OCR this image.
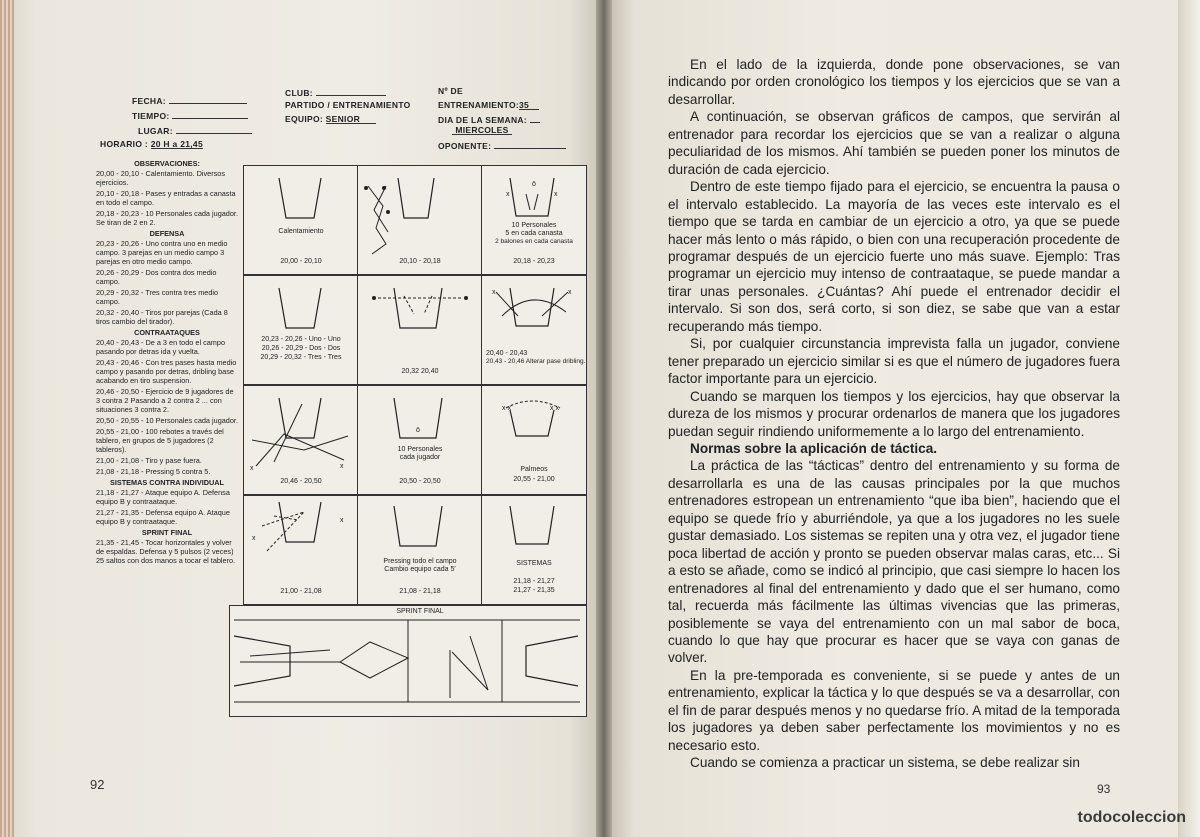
FECHA:
TIEMPO:
LUGAR:
HORARIO : 20 H a 21,45
CLUB:
PARTIDO / ENTRENAMIENTO
EQUIPO: SENIOR
Nº DE
ENTRENAMIENTO:35
DIA DE LA SEMANA:
MIERCOLES
OPONENTE:
OBSERVACIONES:
20,00 - 20,10 - Calentamiento. Diversos ejercicios.
20,10 - 20,18 - Pases y entradas a canasta en todo el campo.
20,18 - 20,23 - 10 Personales cada jugador. Se tiran de 2 en 2.
DEFENSA
20,23 - 20,26 - Uno contra uno en medio campo. 3 parejas en un medio campo 3 parejas en otro medio campo.
20,26 - 20,29 - Dos contra dos medio campo.
20,29 - 20,32 - Tres contra tres medio campo.
20,32 - 20,40 - Tiros por parejas (Cada 8 tiros cambio del tirador).
CONTRAATAQUES
20,40 - 20,43 - De a 3 en todo el campo pasando por detras ida y vuelta.
20,43 - 20,46 - Con tres pases hasta medio campo y pasando por detras, dribling base acabando en tiro suspension.
20,46 - 20,50 - Ejercicio de 9 jugadores de 3 contra 2 Pasando a 2 contra 2 ... con situaciones 3 contra 2.
20,50 - 20,55 - 10 Personales cada jugador.
20,55 - 21,00 - 100 rebotes a través del tablero, en grupos de 5 jugadores (2 tableros).
21,00 - 21,08 - Tiro y pase fuera.
21,08 - 21,18 - Pressing 5 contra 5.
SISTEMAS CONTRA INDIVIDUAL
21,18 - 21,27 - Ataque equipo A. Defensa equipo B y contraataque.
21,27 - 21,35 - Defensa equipo A. Ataque equipo B y contraataque.
SPRINT FINAL
21,35 - 21,45 - Tocar horizontales y volver de espaldas. Defensa y 5 pulsos (2 veces) 25 saltos con dos manos a tocar el tablero.
Calentamiento
20,00 - 20,10	20,10 - 20,18
ō
x	x
10 Personales
5 en cada canasta
2 balones en cada canasta
20,18 - 20,23
20,23 - 20,26 - Uno - Uno
20,26 - 20,29 - Dos - Dos
20,29 - 20,32 - Tres - Tres
20,32 20,40
x	x
20,40 - 20,43
20,43 - 20,46 Alterar pase dribling.
x	x
20,46 - 20,50
ō
10 Personales
cada jugador
20,50 - 20,50
x x	x x
Palmeos
20,55 - 21,00
x
x
21,00 - 21,08
Pressing todo el campo
Cambio equipo cada 5'
21,08 - 21,18
SISTEMAS
21,18 - 21,27
21,27 - 21,35
SPRINT FINAL
92

En el lado de la izquierda, donde pone observaciones, se van indicando por orden cronológico los tiempos y los ejercicios que se van a desarrollar.

A continuación, se observan gráficos de campos, que servirán al entrenador para recordar los ejercicios que se van a realizar o alguna peculiaridad de los mismos. Ahí también se pueden poner los minutos de duración de cada ejercicio.

Dentro de este tiempo fijado para el ejercicio, se encuentra la pausa o el intervalo establecido. La mayoría de las veces este intervalo es el tiempo que se tarda en cambiar de un ejercicio a otro, ya que se puede hacer más lento o más rápido, o bien con una recuperación procedente de programar después de un ejercicio fuerte uno más suave. Ejemplo: Tras programar un ejercicio muy intenso de contraataque, se puede mandar a tirar unas personales. ¿Cuántas? Ahí puede el entrenador decidir el intervalo. Si son dos, será corto, si son diez, se sabe que van a estar recuperando más tiempo.

Si, por cualquier circunstancia imprevista falla un jugador, conviene tener preparado un ejercicio similar si es que el número de jugadores fuera factor importante para un ejercicio.

Cuando se marquen los tiempos y los ejercicios, hay que observar la dureza de los mismos y procurar ordenarlos de manera que los jugadores puedan seguir rindiendo uniformemente a lo largo del entrenamiento.

Normas sobre la aplicación de táctica.

La práctica de las “tácticas” dentro del entrenamiento y su forma de desarrollarla es una de las causas principales por la que muchos entrenadores estropean un entrenamiento “que iba bien”, haciendo que el equipo se quede frío y aburriéndole, ya que a los jugadores no les suele gustar demasiado. Los sistemas se repiten una y otra vez, el jugador tiene poca libertad de acción y pronto se pueden observar malas caras, etc... Si a esto se añade, como se indicó al principio, que casi siempre lo hacen los entrenadores al final del entrenamiento y dado que el ser humano, como tal, recuerda más fácilmente las últimas vivencias que las primeras, posiblemente se vaya del entrenamiento con un mal sabor de boca, cuando lo que hay que procurar es hacer que se vaya con ganas de volver.

En la pre-temporada es conveniente, si se puede y antes de un entrenamiento, explicar la táctica y lo que después se va a desarrollar, con el fin de parar después menos y no quedarse frío. A mitad de la temporada los jugadores ya deben saber perfectamente los movimientos y no es necesario esto.

Cuando se comienza a practicar un sistema, se debe realizar sin

93
todocoleccion
